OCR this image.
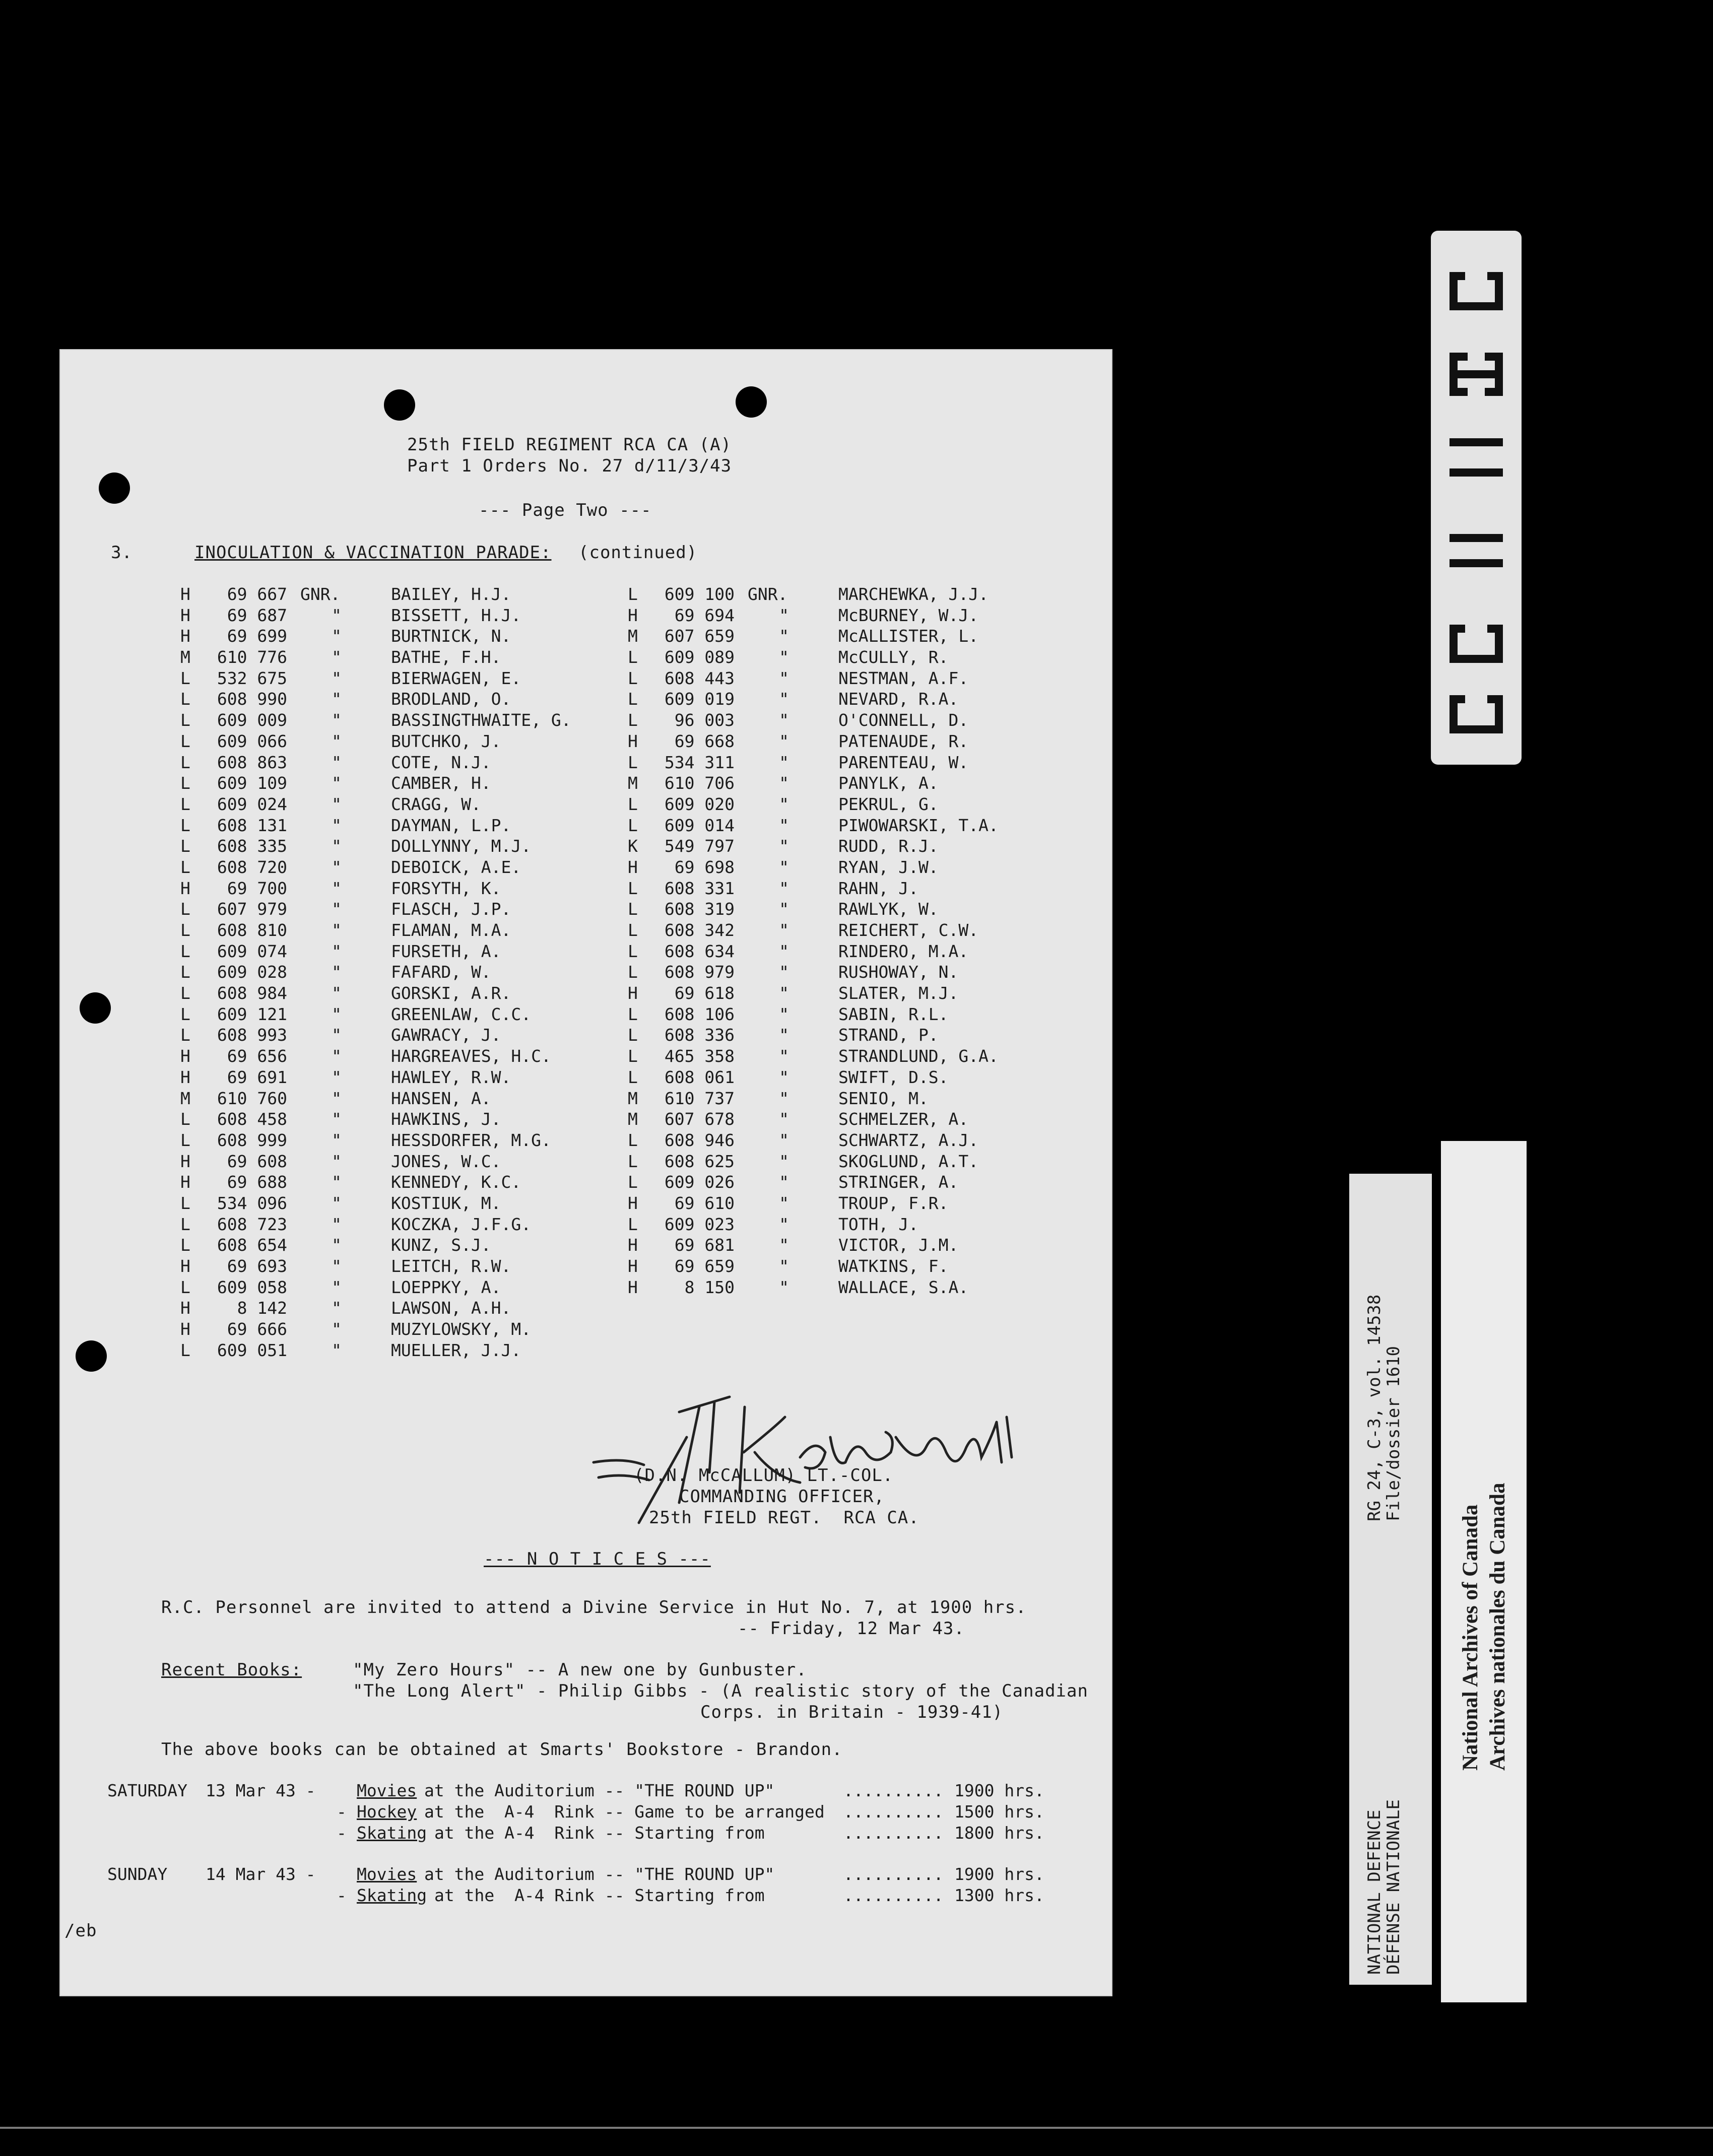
25th FIELD REGIMENT RCA CA (A)
Part 1 Orders No. 27 d/11/3/43
--- Page Two ---
3.	INOCULATION & VACCINATION PARADE: (continued)
H	69 667 GNR.	BAILEY, H.J.
H	69 687	"	BISSETT, H.J.
H	69 699	"	BURTNICK, N.
M	610 776	"	BATHE, F.H.
L	532 675	"	BIERWAGEN, E.
L	608 990	"	BRODLAND, O.
L	609 009	"	BASSINGTHWAITE, G.
L	609 066	"	BUTCHKO, J.
L	608 863	"	COTE, N.J.
L	609 109	"	CAMBER, H.
L	609 024	"	CRAGG, W.
L	608 131	"	DAYMAN, L.P.
L	608 335	"	DOLLYNNY, M.J.
L	608 720	"	DEBOICK, A.E.
H	69 700	"	FORSYTH, K.
L	607 979	"	FLASCH, J.P.
L	608 810	"	FLAMAN, M.A.
L	609 074	"	FURSETH, A.
L	609 028	"	FAFARD, W.
L	608 984	"	GORSKI, A.R.
L	609 121	"	GREENLAW, C.C.
L	608 993	"	GAWRACY, J.
H	69 656	"	HARGREAVES, H.C.
H	69 691	"	HAWLEY, R.W.
M	610 760	"	HANSEN, A.
L	608 458	"	HAWKINS, J.
L	608 999	"	HESSDORFER, M.G.
H	69 608	"	JONES, W.C.
H	69 688	"	KENNEDY, K.C.
L	534 096	"	KOSTIUK, M.
L	608 723	"	KOCZKA, J.F.G.
L	608 654	"	KUNZ, S.J.
H	69 693	"	LEITCH, R.W.
L	609 058	"	LOEPPKY, A.
H	8 142	"	LAWSON, A.H.
H	69 666	"	MUZYLOWSKY, M.
L	609 051	"	MUELLER, J.J.
L	609 100 GNR.	MARCHEWKA, J.J.
H	69 694	"	McBURNEY, W.J.
M	607 659	"	McALLISTER, L.
L	609 089	"	McCULLY, R.
L	608 443	"	NESTMAN, A.F.
L	609 019	"	NEVARD, R.A.
L	96 003	"	O'CONNELL, D.
H	69 668	"	PATENAUDE, R.
L	534 311	"	PARENTEAU, W.
M	610 706	"	PANYLK, A.
L	609 020	"	PEKRUL, G.
L	609 014	"	PIWOWARSKI, T.A.
K	549 797	"	RUDD, R.J.
H	69 698	"	RYAN, J.W.
L	608 331	"	RAHN, J.
L	608 319	"	RAWLYK, W.
L	608 342	"	REICHERT, C.W.
L	608 634	"	RINDERO, M.A.
L	608 979	"	RUSHOWAY, N.
H	69 618	"	SLATER, M.J.
L	608 106	"	SABIN, R.L.
L	608 336	"	STRAND, P.
L	465 358	"	STRANDLUND, G.A.
L	608 061	"	SWIFT, D.S.
M	610 737	"	SENIO, M.
M	607 678	"	SCHMELZER, A.
L	608 946	"	SCHWARTZ, A.J.
L	608 625	"	SKOGLUND, A.T.
L	609 026	"	STRINGER, A.
H	69 610	"	TROUP, F.R.
L	609 023	"	TOTH, J.
H	69 681	"	VICTOR, J.M.
H	69 659	"	WATKINS, F.
H	8 150	"	WALLACE, S.A.
(D.N. McCALLUM) LT.-COL.
COMMANDING OFFICER,
25th FIELD REGT.  RCA CA.
--- N O T I C E S ---
R.C. Personnel are invited to attend a Divine Service in Hut No. 7, at 1900 hrs.
-- Friday, 12 Mar 43.
Recent Books:	"My Zero Hours" -- A new one by Gunbuster.
"The Long Alert" - Philip Gibbs - (A realistic story of the Canadian
Corps. in Britain - 1939-41)
The above books can be obtained at Smarts' Bookstore - Brandon.
SATURDAY 13 Mar 43 - Movies at the Auditorium -- "THE ROUND UP"	.......... 1900 hrs.
- Hockey at the  A-4  Rink -- Game to be arranged .......... 1500 hrs.
- Skating at the A-4  Rink -- Starting from	.......... 1800 hrs.
SUNDAY 14 Mar 43 - Movies at the Auditorium -- "THE ROUND UP"	.......... 1900 hrs.
- Skating at the  A-4 Rink -- Starting from	.......... 1300 hrs.
/eb	NATIONAL DEFENCE
DÉFENSE NATIONALE
RG 24, C-3, vol. 14538
File/dossier 1610
National Archives of Canada Archives nationales du Canada
